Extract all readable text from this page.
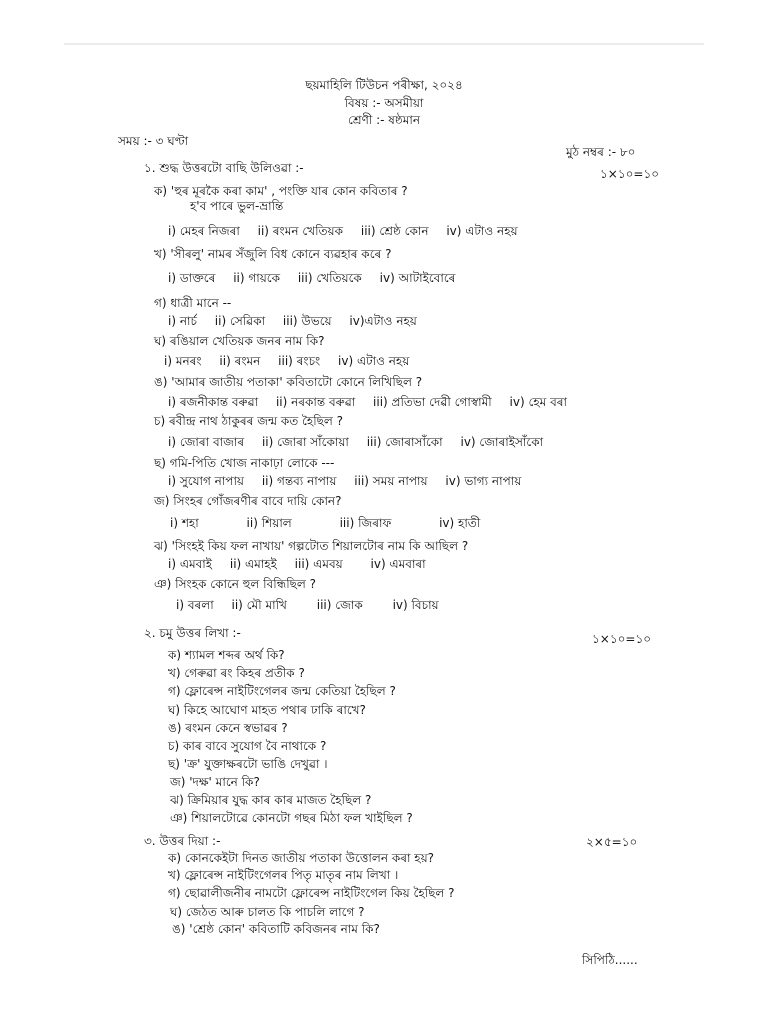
ছয়মাহিলি টিউচন পৰীক্ষা, ২০২৪
বিষয় :- অসমীয়া
শ্ৰেণী :- ষষ্ঠমান
সময় :- ৩ ঘণ্টা
মুঠ নম্বৰ :- ৮০
১. শুদ্ধ উত্তৰটো বাছি উলিওৱা :-	১×১০=১০
ক) 'হুৰ মূৰকৈ কৰা কাম' , পংক্তি যাৰ কোন কবিতাৰ ?
হ'ব পাৰে ভুল-ভ্ৰান্তি
i) মেহৰ নিজৰা ii) ৰংমন খেতিয়ক iii) শ্ৰেষ্ঠ কোন iv) এটাও নহয়
খ) 'সীৰলু' নামৰ সঁজুলি বিধ কোনে ব্যৱহাৰ কৰে ?
i) ডাক্তৰে ii) গায়কে iii) খেতিয়কে iv) আটাইবোৰে
গ) ধাত্ৰী মানে --
i) নাৰ্চ ii) সেৱিকা iii) উভয়ে iv)এটাও নহয়
ঘ) ৰঙিয়াল খেতিয়ক জনৰ নাম কি?
i) মনৰং ii) ৰংমন iii) ৰংচং iv) এটাও নহয়
ঙ) 'আমাৰ জাতীয় পতাকা' কবিতাটো কোনে লিখিছিল ?
i) ৰজনীকান্ত বৰুৱা ii) নৰকান্ত বৰুৱা iii) প্ৰতিভা দেৱী গোস্বামী iv) হেম বৰা
চ) ৰবীন্দ্ৰ নাথ ঠাকুৰৰ জন্ম কত হৈছিল ?
i) জোৰা বাজাৰ ii) জোৰা সাঁকোয়া iii) জোৰাসাঁকো iv) জোৰাইসাঁকো
ছ) গমি-পিতি খোজ নাকাঢ়া লোকে ---
i) সুযোগ নাপায় ii) গন্তব্য নাপায় iii) সময় নাপায় iv) ভাগ্য নাপায়
জ) সিংহৰ গোঁজৰণীৰ বাবে দায়ি কোন?
i) শহা	ii) শিয়াল	iii) জিৰাফ	iv) হাতী
ঝ) 'সিংহই কিয় ফল নাখায়' গল্পটোত শিয়ালটোৰ নাম কি আছিল ?
i) এমবাই ii) এমাহই iii) এমবয় iv) এমবাৰা
ঞ) সিংহক কোনে হুল বিন্ধিছিল ?
i) বৰলা ii) মৌ মাখি iii) জোক iv) বিচায়
২. চমু উত্তৰ লিখা :-	১×১০=১০
ক) শ্যামল শব্দৰ অৰ্থ কি?
খ) গেৰুৱা ৰং কিহৰ প্ৰতীক ?
গ) ফ্লোৰেন্স নাইটিংগেলৰ জন্ম কেতিয়া হৈছিল ?
ঘ) কিহে আঘোণ মাহত পথাৰ ঢাকি ৰাখে?
ঙ) ৰংমন কেনে স্বভাৱৰ ?
চ) কাৰ বাবে সুযোগ বৈ নাথাকে ?
ছ) 'ক্ৰ' যুক্তাক্ষৰটো ভাঙি দেখুৱা ।
জ) 'দক্ষ' মানে কি?
ঝ) ক্ৰিমিয়াৰ যুদ্ধ কাৰ কাৰ মাজত হৈছিল ?
ঞ) শিয়ালটোৱে কোনটো গছৰ মিঠা ফল খাইছিল ?
৩. উত্তৰ দিয়া :-	২×৫=১০
ক) কোনকেইটা দিনত জাতীয় পতাকা উত্তোলন কৰা হয়?
খ) ফ্লোৰেন্স নাইটিংগেলৰ পিতৃ মাতৃৰ নাম লিখা ।
গ) ছোৱালীজনীৰ নামটো ফ্লোৰেন্স নাইটিংগেল কিয় হৈছিল ?
ঘ) জেঠত আৰু চালত কি পাচলি লাগে ?
ঙ) 'শ্ৰেষ্ঠ কোন' কবিতাটি কবিজনৰ নাম কি?
সিপিঠি......
